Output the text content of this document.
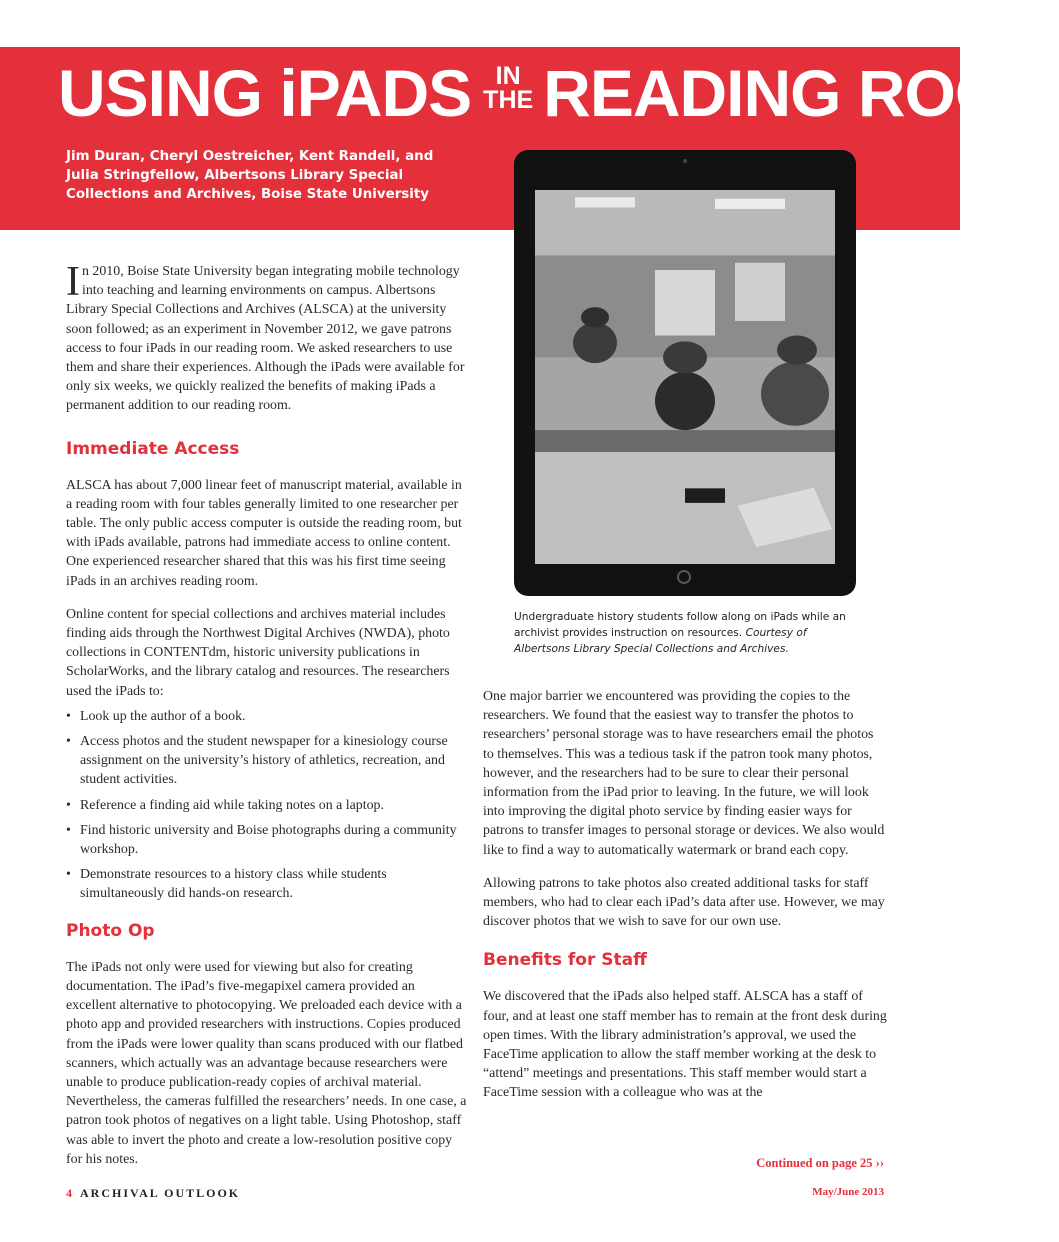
USING iPADS IN
THE READING ROOM
Jim Duran, Cheryl Oestreicher, Kent Randell, and Julia Stringfellow, Albertsons Library Special Collections and Archives, Boise State University
Undergraduate history students follow along on iPads while an archivist provides instruction on resources. Courtesy of Albertsons Library Special Collections and Archives.

In 2010, Boise State University began integrating mobile technology into teaching and learning environments on campus. Albertsons Library Special Collections and Archives (ALSCA) at the university soon followed; as an experiment in November 2012, we gave patrons access to four iPads in our reading room. We asked researchers to use them and share their experiences. Although the iPads were available for only six weeks, we quickly realized the benefits of making iPads a permanent addition to our reading room.

Immediate Access

ALSCA has about 7,000 linear feet of manuscript material, available in a reading room with four tables generally limited to one researcher per table. The only public access computer is outside the reading room, but with iPads available, patrons had immediate access to online content. One experienced researcher shared that this was his first time seeing iPads in an archives reading room.

Online content for special collections and archives material includes finding aids through the Northwest Digital Archives (NWDA), photo collections in CONTENTdm, historic university publications in ScholarWorks, and the library catalog and resources. The researchers used the iPads to:

• Look up the author of a book.
• Access photos and the student newspaper for a kinesiology course assignment on the university’s history of athletics, recreation, and student activities.
• Reference a finding aid while taking notes on a laptop.
• Find historic university and Boise photographs during a community workshop.
• Demonstrate resources to a history class while students simultaneously did hands-on research.
Photo Op

The iPads not only were used for viewing but also for creating documentation. The iPad’s five-megapixel camera provided an excellent alternative to photocopying. We preloaded each device with a photo app and provided researchers with instructions. Copies produced from the iPads were lower quality than scans produced with our flatbed scanners, which actually was an advantage because researchers were unable to produce publication-ready copies of archival material. Nevertheless, the cameras fulfilled the researchers’ needs. In one case, a patron took photos of negatives on a light table. Using Photoshop, staff was able to invert the photo and create a low-resolution positive copy for his notes.

One major barrier we encountered was providing the copies to the researchers. We found that the easiest way to transfer the photos to researchers’ personal storage was to have researchers email the photos to themselves. This was a tedious task if the patron took many photos, however, and the researchers had to be sure to clear their personal information from the iPad prior to leaving. In the future, we will look into improving the digital photo service by finding easier ways for patrons to transfer images to personal storage or devices. We also would like to find a way to automatically watermark or brand each copy.

Allowing patrons to take photos also created additional tasks for staff members, who had to clear each iPad’s data after use. However, we may discover photos that we wish to save for our own use.

Benefits for Staff

We discovered that the iPads also helped staff. ALSCA has a staff of four, and at least one staff member has to remain at the front desk during open times. With the library administration’s approval, we used the FaceTime application to allow the staff member working at the desk to “attend” meetings and presentations. This staff member would start a FaceTime session with a colleague who was at the

Continued on page 25 ››
4 ARCHIVAL OUTLOOK	May/June 2013
